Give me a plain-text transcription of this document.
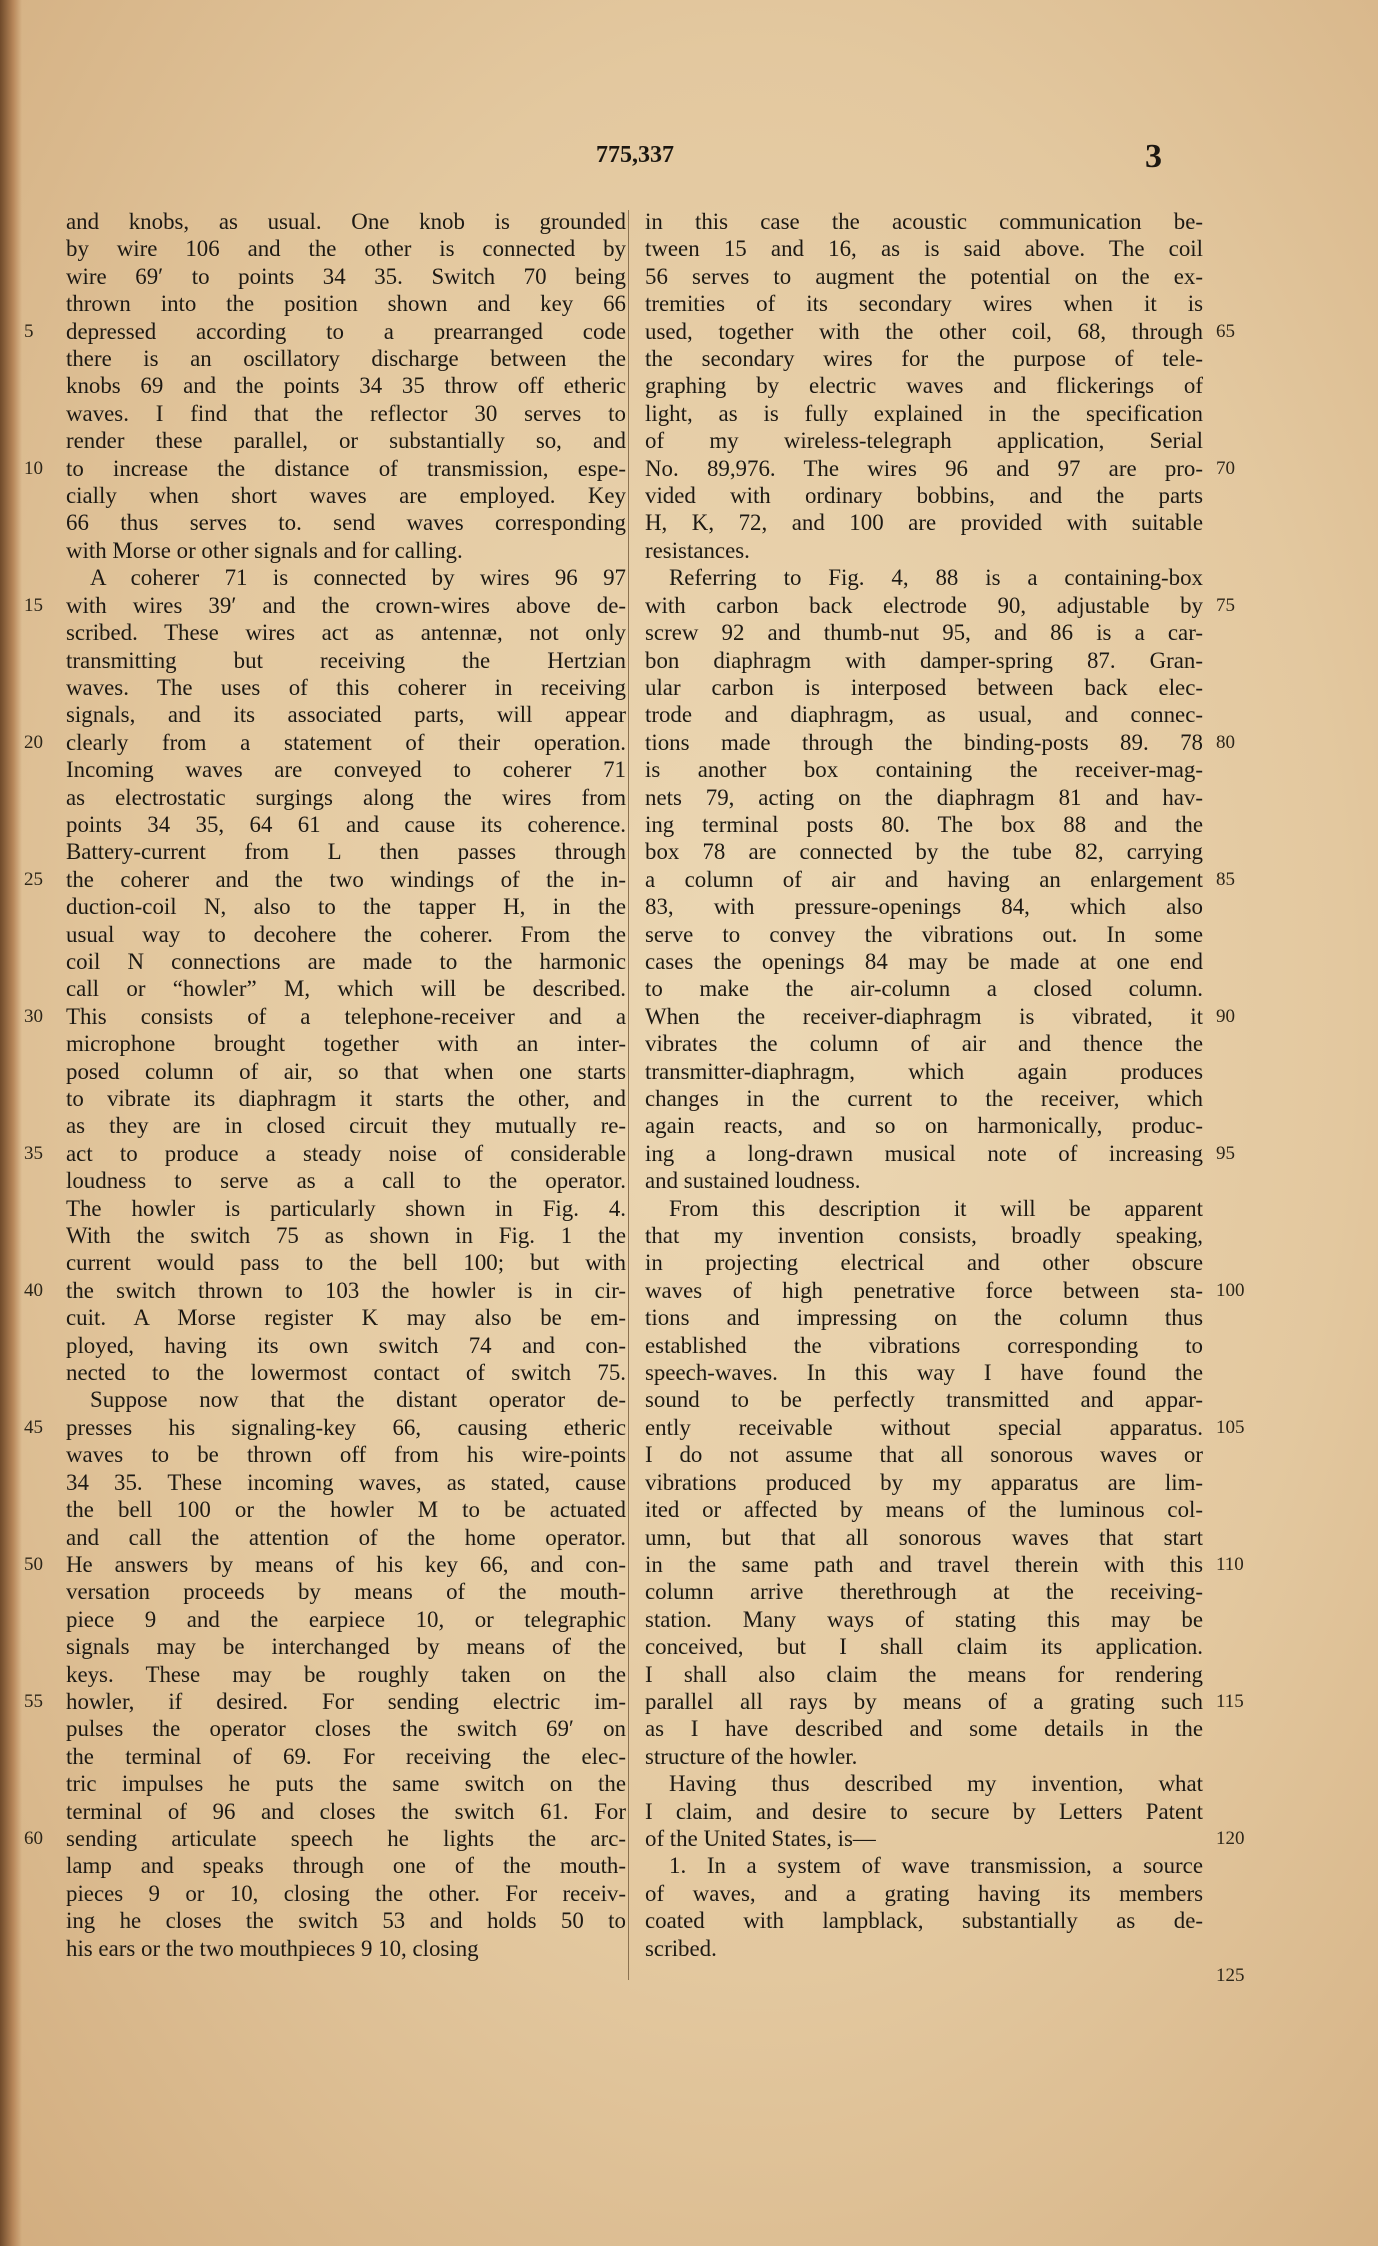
775,337	3

and knobs, as usual. One knob is grounded

by wire 106 and the other is connected by

wire 69′ to points 34 35. Switch 70 being

thrown into the position shown and key 66

depressed according to a prearranged code

there is an oscillatory discharge between the

knobs 69 and the points 34 35 throw off etheric

waves. I find that the reflector 30 serves to

render these parallel, or substantially so, and

to increase the distance of transmission, espe-

cially when short waves are employed. Key

66 thus serves to. send waves corresponding

with Morse or other signals and for calling.

A coherer 71 is connected by wires 96 97

with wires 39′ and the crown-wires above de-

scribed. These wires act as antennæ, not only

transmitting but receiving the Hertzian

waves. The uses of this coherer in receiving

signals, and its associated parts, will appear

clearly from a statement of their operation.

Incoming waves are conveyed to coherer 71

as electrostatic surgings along the wires from

points 34 35, 64 61 and cause its coherence.

Battery-current from L then passes through

the coherer and the two windings of the in-

duction-coil N, also to the tapper H, in the

usual way to decohere the coherer. From the

coil N connections are made to the harmonic

call or “howler” M, which will be described.

This consists of a telephone-receiver and a

microphone brought together with an inter-

posed column of air, so that when one starts

to vibrate its diaphragm it starts the other, and

as they are in closed circuit they mutually re-

act to produce a steady noise of considerable

loudness to serve as a call to the operator.

The howler is particularly shown in Fig. 4.

With the switch 75 as shown in Fig. 1 the

current would pass to the bell 100; but with

the switch thrown to 103 the howler is in cir-

cuit. A Morse register K may also be em-

ployed, having its own switch 74 and con-

nected to the lowermost contact of switch 75.

Suppose now that the distant operator de-

presses his signaling-key 66, causing etheric

waves to be thrown off from his wire-points

34 35. These incoming waves, as stated, cause

the bell 100 or the howler M to be actuated

and call the attention of the home operator.

He answers by means of his key 66, and con-

versation proceeds by means of the mouth-

piece 9 and the earpiece 10, or telegraphic

signals may be interchanged by means of the

keys. These may be roughly taken on the

howler, if desired. For sending electric im-

pulses the operator closes the switch 69′ on

the terminal of 69. For receiving the elec-

tric impulses he puts the same switch on the

terminal of 96 and closes the switch 61. For

sending articulate speech he lights the arc-

lamp and speaks through one of the mouth-

pieces 9 or 10, closing the other. For receiv-

ing he closes the switch 53 and holds 50 to

his ears or the two mouthpieces 9 10, closing

in this case the acoustic communication be-

tween 15 and 16, as is said above. The coil

56 serves to augment the potential on the ex-

tremities of its secondary wires when it is

used, together with the other coil, 68, through

the secondary wires for the purpose of tele-

graphing by electric waves and flickerings of

light, as is fully explained in the specification

of my wireless-telegraph application, Serial

No. 89,976. The wires 96 and 97 are pro-

vided with ordinary bobbins, and the parts

H, K, 72, and 100 are provided with suitable

resistances.

Referring to Fig. 4, 88 is a containing-box

with carbon back electrode 90, adjustable by

screw 92 and thumb-nut 95, and 86 is a car-

bon diaphragm with damper-spring 87. Gran-

ular carbon is interposed between back elec-

trode and diaphragm, as usual, and connec-

tions made through the binding-posts 89. 78

is another box containing the receiver-mag-

nets 79, acting on the diaphragm 81 and hav-

ing terminal posts 80. The box 88 and the

box 78 are connected by the tube 82, carrying

a column of air and having an enlargement

83, with pressure-openings 84, which also

serve to convey the vibrations out. In some

cases the openings 84 may be made at one end

to make the air-column a closed column.

When the receiver-diaphragm is vibrated, it

vibrates the column of air and thence the

transmitter-diaphragm, which again produces

changes in the current to the receiver, which

again reacts, and so on harmonically, produc-

ing a long-drawn musical note of increasing

and sustained loudness.

From this description it will be apparent

that my invention consists, broadly speaking,

in projecting electrical and other obscure

waves of high penetrative force between sta-

tions and impressing on the column thus

established the vibrations corresponding to

speech-waves. In this way I have found the

sound to be perfectly transmitted and appar-

ently receivable without special apparatus.

I do not assume that all sonorous waves or

vibrations produced by my apparatus are lim-

ited or affected by means of the luminous col-

umn, but that all sonorous waves that start

in the same path and travel therein with this

column arrive therethrough at the receiving-

station. Many ways of stating this may be

conceived, but I shall claim its application.

I shall also claim the means for rendering

parallel all rays by means of a grating such

as I have described and some details in the

structure of the howler.

Having thus described my invention, what

I claim, and desire to secure by Letters Patent

of the United States, is—

1. In a system of wave transmission, a source

of waves, and a grating having its members

coated with lampblack, substantially as de-

scribed.

5
10
15
20
25
30
35
40
45
50
55
60
65
70
75
80
85
90
95
100
105
110
115
120
125
